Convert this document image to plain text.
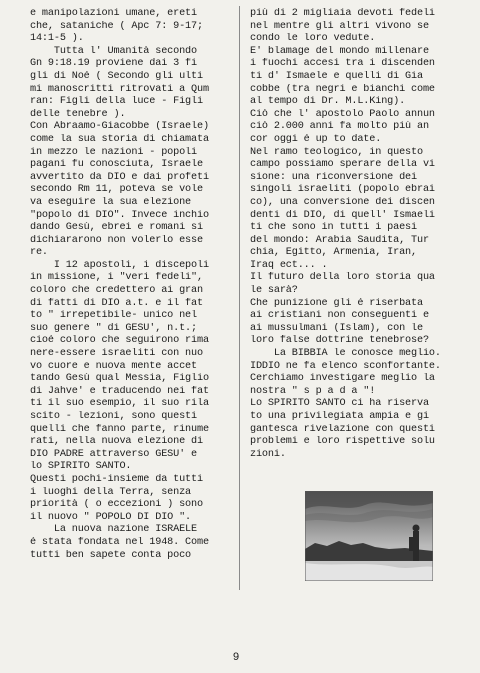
e manipolazioni umane, ereti
che, sataniche ( Apc 7: 9-17;
14:1-5 ).
Tutta l' Umanità secondo
Gn 9:18.19 proviene dai 3 fi
gli di Noé ( Secondo gli ulti
mi manoscritti ritrovati a Qum
ran: Figli della luce - Figli
delle tenebre ).
Con Abraamo-Giacobbe (Israele)
come la sua storia di chiamata
in mezzo le nazioni - popoli
pagani fu conosciuta, Israele
avvertito da DIO e dai profeti
secondo Rm 11, poteva se vole
va eseguire la sua elezione
"popolo di DIO". Invece inchio
dando Gesù, ebrei e romani si
dichiararono non volerlo esse
re.
I 12 apostoli, i discepoli
in missione, i "veri fedeli",
coloro che credettero ai gran
di fatti di DIO a.t. e il fat
to " irrepetibile- unico nel
suo genere " di GESU', n.t.;
cioé coloro che seguirono rima
nere-essere israeliti con nuo
vo cuore e nuova mente accet
tando Gesù qual Messia, Figlio
di Jahve' e traducendo nei fat
ti il suo esempio, il suo rila
scito - lezioni, sono questi
quelli che fanno parte, rinume
rati, nella nuova elezione di
DIO PADRE attraverso GESU' e
lo SPIRITO SANTO.
Questi pochi-insieme da tutti
i luoghi della Terra, senza
priorità ( o eccezioni ) sono
il nuovo " POPOLO DI DIO ".
La nuova nazione ISRAELE
é stata fondata nel 1948. Come
tutti ben sapete conta poco
più di 2 migliaia devoti fedeli
nel mentre gli altri vivono se
condo le loro vedute.
E' blamage del mondo millenare
i fuochi accesi tra i discenden
ti d' Ismaele e quelli di Gia
cobbe (tra negri e bianchi come
al tempo di Dr. M.L.King).
Ciò che l' apostolo Paolo annun
ciò 2.000 anni fa molto più an
cor oggi é up to date.
Nel ramo teologico, in questo
campo possiamo sperare della vi
sione: una riconversione dei
singoli israeliti (popolo ebrai
co), una conversione dei discen
denti di DIO, di quell' Ismaeli
ti che sono in tutti i paesi
del mondo: Arabia Saudita, Tur
chia, Egitto, Armenia, Iran,
Iraq ect... .
Il futuro della loro storia qua
le sarà?
Che punizione gli é riserbata
ai cristiani non conseguenti e
ai mussulmani (Islam), con le
loro false dottrine tenebrose?
La BIBBIA le conosce meglio.
IDDIO ne fa elenco sconfortante.
Cerchiamo investigare meglio la
nostra " s p a d a "!
Lo SPIRITO SANTO ci ha riserva
to una privilegiata ampia e gi
gantesca rivelazione con questi
problemi e loro rispettive solu
zioni.
9
